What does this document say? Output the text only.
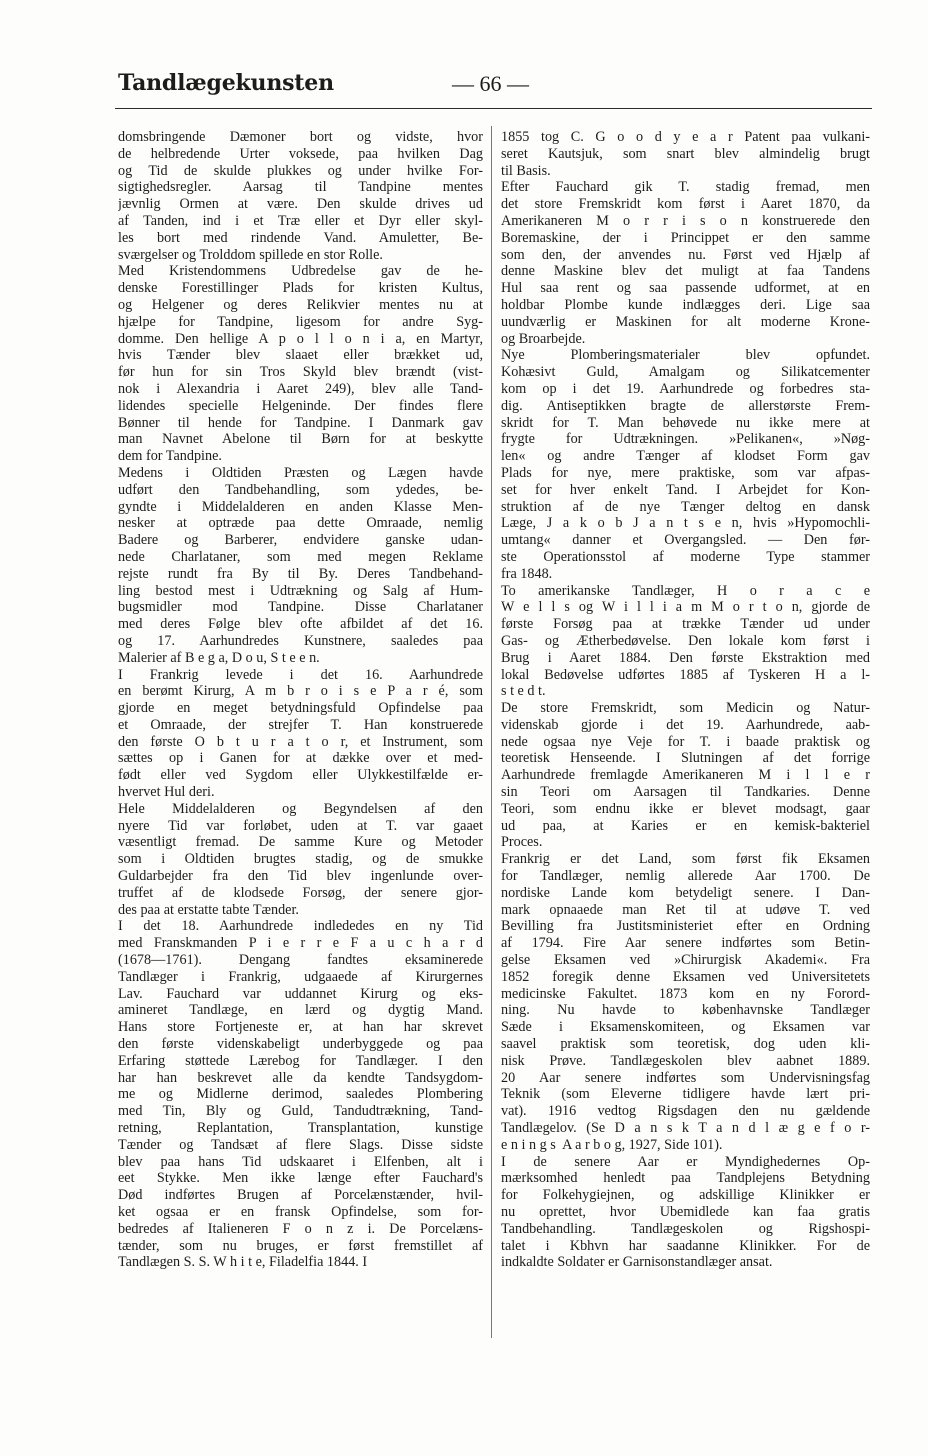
Tandlægekunsten	— 66 —
domsbringende Dæmoner bort og vidste, hvor
de helbredende Urter voksede, paa hvilken Dag
og Tid de skulde plukkes og under hvilke For-
sigtighedsregler. Aarsag til Tandpine mentes
jævnlig Ormen at være. Den skulde drives ud
af Tanden, ind i et Træ eller et Dyr eller skyl-
les bort med rindende Vand. Amuletter, Be-
sværgelser og Trolddom spillede en stor Rolle.
Med Kristendommens Udbredelse gav de he-
denske Forestillinger Plads for kristen Kultus,
og Helgener og deres Relikvier mentes nu at
hjælpe for Tandpine, ligesom for andre Syg-
domme. Den hellige A p o l l o n i a, en Martyr,
hvis Tænder blev slaaet eller brækket ud,
før hun for sin Tros Skyld blev brændt (vist-
nok i Alexandria i Aaret 249), blev alle Tand-
lidendes specielle Helgeninde. Der findes flere
Bønner til hende for Tandpine. I Danmark gav
man Navnet Abelone til Børn for at beskytte
dem for Tandpine.
Medens i Oldtiden Præsten og Lægen havde
udført den Tandbehandling, som ydedes, be-
gyndte i Middelalderen en anden Klasse Men-
nesker at optræde paa dette Omraade, nemlig
Badere og Barberer, endvidere ganske udan-
nede Charlataner, som med megen Reklame
rejste rundt fra By til By. Deres Tandbehand-
ling bestod mest i Udtrækning og Salg af Hum-
bugsmidler mod Tandpine. Disse Charlataner
med deres Følge blev ofte afbildet af det 16.
og 17. Aarhundredes Kunstnere, saaledes paa
Malerier af B e g a, D o u, S t e e n.
I Frankrig levede i det 16. Aarhundrede
en berømt Kirurg, A m b r o i s e P a r é, som
gjorde en meget betydningsfuld Opfindelse paa
et Omraade, der strejfer T. Han konstruerede
den første O b t u r a t o r, et Instrument, som
sættes op i Ganen for at dække over et med-
født eller ved Sygdom eller Ulykkestilfælde er-
hvervet Hul deri.
Hele Middelalderen og Begyndelsen af den
nyere Tid var forløbet, uden at T. var gaaet
væsentligt fremad. De samme Kure og Metoder
som i Oldtiden brugtes stadig, og de smukke
Guldarbejder fra den Tid blev ingenlunde over-
truffet af de klodsede Forsøg, der senere gjor-
des paa at erstatte tabte Tænder.
I det 18. Aarhundrede indlededes en ny Tid
med Franskmanden P i e r r e F a u c h a r d
(1678—1761). Dengang fandtes eksaminerede
Tandlæger i Frankrig, udgaaede af Kirurgernes
Lav. Fauchard var uddannet Kirurg og eks-
amineret Tandlæge, en lærd og dygtig Mand.
Hans store Fortjeneste er, at han har skrevet
den første videnskabeligt underbyggede og paa
Erfaring støttede Lærebog for Tandlæger. I den
har han beskrevet alle da kendte Tandsygdom-
me og Midlerne derimod, saaledes Plombering
med Tin, Bly og Guld, Tandudtrækning, Tand-
retning, Replantation, Transplantation, kunstige
Tænder og Tandsæt af flere Slags. Disse sidste
blev paa hans Tid udskaaret i Elfenben, alt i
eet Stykke. Men ikke længe efter Fauchard's
Død indførtes Brugen af Porcelænstænder, hvil-
ket ogsaa er en fransk Opfindelse, som for-
bedredes af Italieneren F o n z i. De Porcelæns-
tænder, som nu bruges, er først fremstillet af
Tandlægen S. S. W h i t e, Filadelfia 1844. I
1855 tog C. G o o d y e a r Patent paa vulkani-
seret Kautsjuk, som snart blev almindelig brugt
til Basis.
Efter Fauchard gik T. stadig fremad, men
det store Fremskridt kom først i Aaret 1870, da
Amerikaneren M o r r i s o n konstruerede den
Boremaskine, der i Princippet er den samme
som den, der anvendes nu. Først ved Hjælp af
denne Maskine blev det muligt at faa Tandens
Hul saa rent og saa passende udformet, at en
holdbar Plombe kunde indlægges deri. Lige saa
uundværlig er Maskinen for alt moderne Krone-
og Broarbejde.
Nye Plomberingsmaterialer blev opfundet.
Kohæsivt Guld, Amalgam og Silikatcementer
kom op i det 19. Aarhundrede og forbedres sta-
dig. Antiseptikken bragte de allerstørste Frem-
skridt for T. Man behøvede nu ikke mere at
frygte for Udtrækningen. »Pelikanen«, »Nøg-
len« og andre Tænger af klodset Form gav
Plads for nye, mere praktiske, som var afpas-
set for hver enkelt Tand. I Arbejdet for Kon-
struktion af de nye Tænger deltog en dansk
Læge, J a k o b J a n t s e n, hvis »Hypomochli-
umtang« danner et Overgangsled. — Den før-
ste Operationsstol af moderne Type stammer
fra 1848.
To amerikanske Tandlæger, H o r a c e
W e l l s og W i l l i a m M o r t o n, gjorde de
første Forsøg paa at trække Tænder ud under
Gas- og Ætherbedøvelse. Den lokale kom først i
Brug i Aaret 1884. Den første Ekstraktion med
lokal Bedøvelse udførtes 1885 af Tyskeren H a l-
s t e d t.
De store Fremskridt, som Medicin og Natur-
videnskab gjorde i det 19. Aarhundrede, aab-
nede ogsaa nye Veje for T. i baade praktisk og
teoretisk Henseende. I Slutningen af det forrige
Aarhundrede fremlagde Amerikaneren M i l l e r
sin Teori om Aarsagen til Tandkaries. Denne
Teori, som endnu ikke er blevet modsagt, gaar
ud paa, at Karies er en kemisk-bakteriel
Proces.
Frankrig er det Land, som først fik Eksamen
for Tandlæger, nemlig allerede Aar 1700. De
nordiske Lande kom betydeligt senere. I Dan-
mark opnaaede man Ret til at udøve T. ved
Bevilling fra Justitsministeriet efter en Ordning
af 1794. Fire Aar senere indførtes som Betin-
gelse Eksamen ved »Chirurgisk Akademi«. Fra
1852 foregik denne Eksamen ved Universitetets
medicinske Fakultet. 1873 kom en ny Forord-
ning. Nu havde to københavnske Tandlæger
Sæde i Eksamenskomiteen, og Eksamen var
saavel praktisk som teoretisk, dog uden kli-
nisk Prøve. Tandlægeskolen blev aabnet 1889.
20 Aar senere indførtes som Undervisningsfag
Teknik (som Eleverne tidligere havde lært pri-
vat). 1916 vedtog Rigsdagen den nu gældende
Tandlægelov. (Se D a n s k T a n d l æ g e f o r-
e n i n g s  A a r b o g, 1927, Side 101).
I de senere Aar er Myndighedernes Op-
mærksomhed henledt paa Tandplejens Betydning
for Folkehygiejnen, og adskillige Klinikker er
nu oprettet, hvor Ubemidlede kan faa gratis
Tandbehandling. Tandlægeskolen og Rigshospi-
talet i Kbhvn har saadanne Klinikker. For de
indkaldte Soldater er Garnisonstandlæger ansat.
